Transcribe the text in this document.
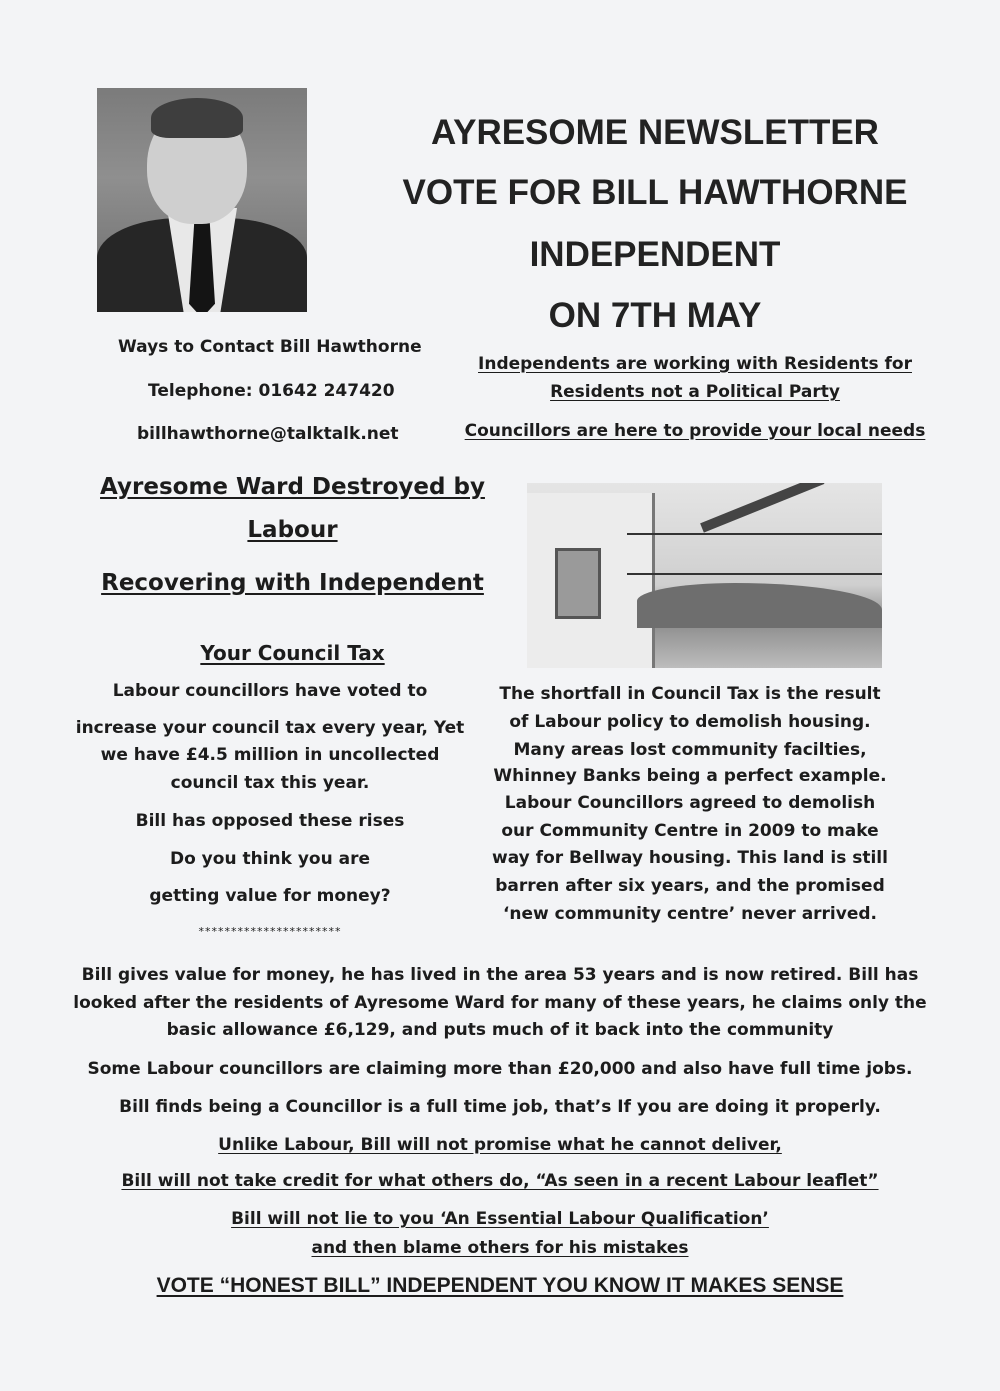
AYRESOME NEWSLETTER
VOTE FOR BILL HAWTHORNE
INDEPENDENT
ON 7TH MAY
Ways to Contact Bill Hawthorne
Telephone: 01642 247420
billhawthorne@talktalk.net
Independents are working with Residents for
Residents not a Political Party
Councillors are here to provide your local needs
Ayresome Ward Destroyed by
Labour
Recovering with Independent
Your Council Tax
Labour councillors have voted to
increase your council tax every year, Yet
we have £4.5 million in uncollected
council tax this year.
Bill has opposed these rises
Do you think you are
getting value for money?
**********************
The shortfall in Council Tax is the result
of Labour policy to demolish housing.
Many areas lost community facilties,
Whinney Banks being a perfect example.
Labour Councillors agreed to demolish
our Community Centre in 2009 to make
way for Bellway housing. This land is still
barren after six years, and the promised
‘new community centre’ never arrived.
Bill gives value for money, he has lived in the area 53 years and is now retired. Bill has
looked after the residents of Ayresome Ward for many of these years, he claims only the
basic allowance £6,129, and puts much of it back into the community
Some Labour councillors are claiming more than £20,000 and also have full time jobs.
Bill finds being a Councillor is a full time job, that’s If you are doing it properly.
Unlike Labour, Bill will not promise what he cannot deliver,
Bill will not take credit for what others do, “As seen in a recent Labour leaflet”
Bill will not lie to you ‘An Essential Labour Qualification’
and then blame others for his mistakes
VOTE “HONEST BILL” INDEPENDENT YOU KNOW IT MAKES SENSE
